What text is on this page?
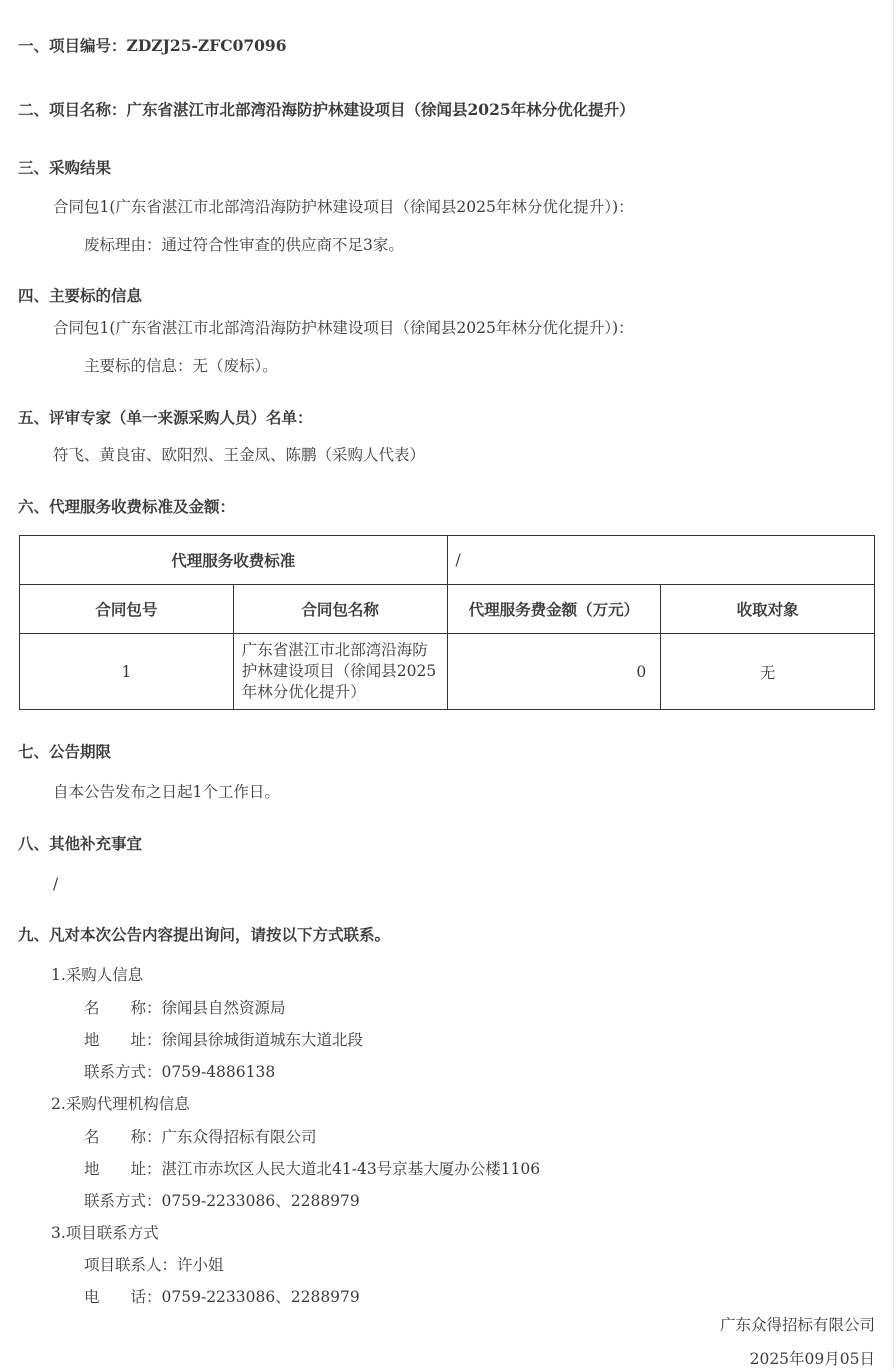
一、项目编号：ZDZJ25-ZFC07096
二、项目名称：广东省湛江市北部湾沿海防护林建设项目（徐闻县2025年林分优化提升）
三、采购结果
合同包1(广东省湛江市北部湾沿海防护林建设项目（徐闻县2025年林分优化提升）)：
废标理由：通过符合性审查的供应商不足3家。
四、主要标的信息
合同包1(广东省湛江市北部湾沿海防护林建设项目（徐闻县2025年林分优化提升）)：
主要标的信息：无（废标）。
五、评审专家（单一来源采购人员）名单：
符飞、黄良宙、欧阳烈、王金凤、陈鹏（采购人代表）
六、代理服务收费标准及金额：
代理服务收费标准		/	
合同包号	合同包名称	代理服务费金额（万元）	收取对象
1	广东省湛江市北部湾沿海防护林建设项目（徐闻县2025年林分优化提升）	0	无
七、公告期限
自本公告发布之日起1个工作日。
八、其他补充事宜
/
九、凡对本次公告内容提出询问，请按以下方式联系。
1.采购人信息
名　　称：徐闻县自然资源局
地　　址：徐闻县徐城街道城东大道北段
联系方式：0759-4886138
2.采购代理机构信息
名　　称：广东众得招标有限公司
地　　址：湛江市赤坎区人民大道北41-43号京基大厦办公楼1106
联系方式：0759-2233086、2288979
3.项目联系方式
项目联系人：许小姐
电　　话：0759-2233086、2288979
广东众得招标有限公司
2025年09月05日
